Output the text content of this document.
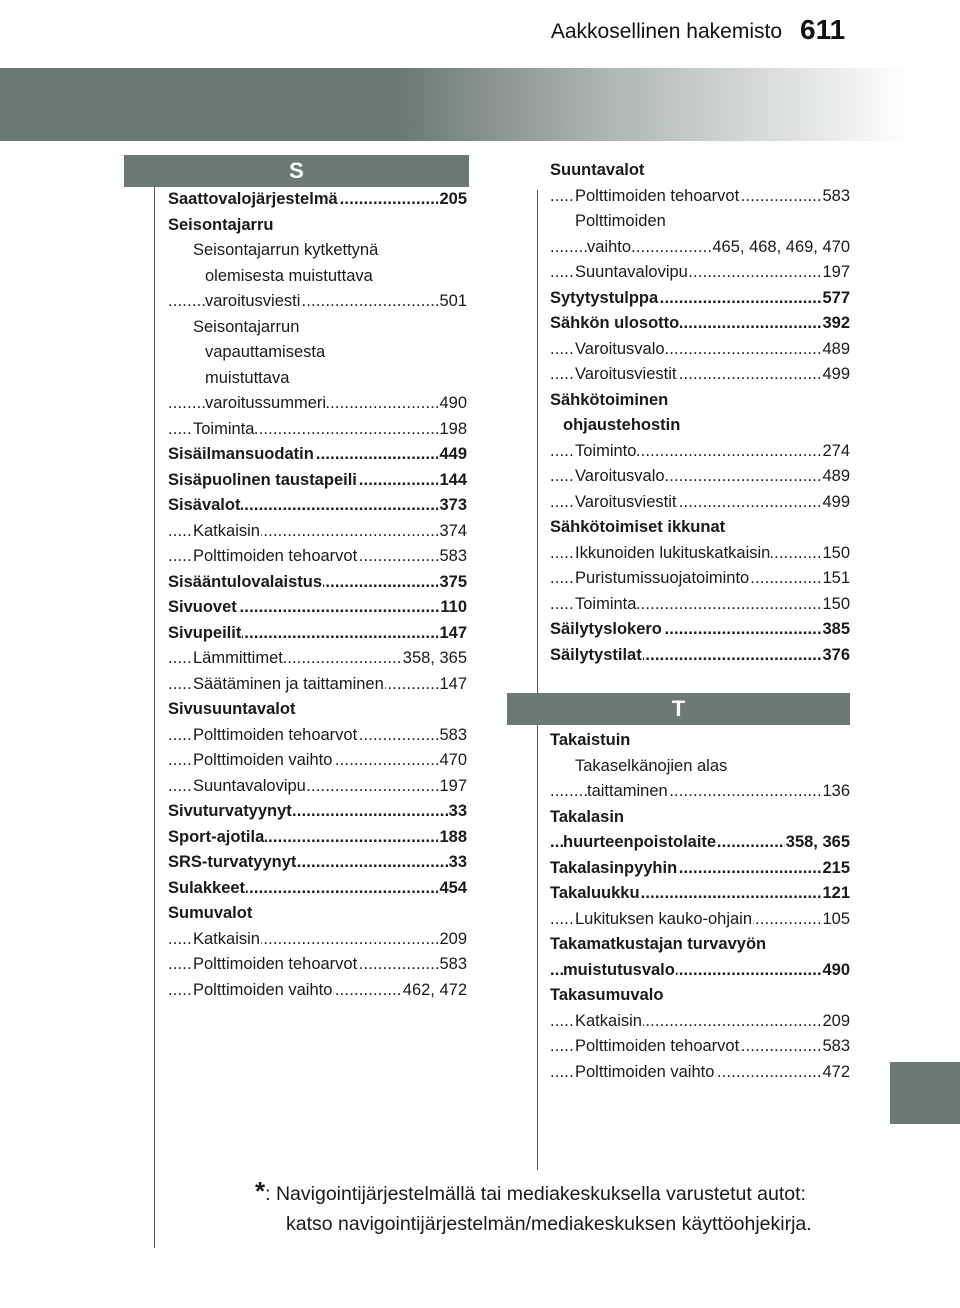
Aakkosellinen hakemisto 611
S
. . . Saattovalojärjestelmä	205
Seisontajarru
Seisontajarrun kytkettynä
olemisesta muistuttava
. . . varoitusviesti	501
Seisontajarrun
vapauttamisesta
muistuttava
. . . varoitussummeri	490
. . . Toiminta	198
. . . Sisäilmansuodatin	449
. . . Sisäpuolinen taustapeili	144
. . . Sisävalot	373
. . . Katkaisin	374
. . . Polttimoiden tehoarvot	583
. . . Sisääntulovalaistus	375
. . . Sivuovet	110
. . . Sivupeilit	147
. . . Lämmittimet	358, 365
. . . Säätäminen ja taittaminen	147
Sivusuuntavalot
. . . Polttimoiden tehoarvot	583
. . . Polttimoiden vaihto	470
. . . Suuntavalovipu	197
. . . Sivuturvatyynyt	33
. . . Sport-ajotila	188
. . . SRS-turvatyynyt	33
. . . Sulakkeet	454
Sumuvalot
. . . Katkaisin	209
. . . Polttimoiden tehoarvot	583
. . . Polttimoiden vaihto	462, 472
Suuntavalot
. . . Polttimoiden tehoarvot	583
Polttimoiden
. . . vaihto	465, 468, 469, 470
. . . Suuntavalovipu	197
. . . Sytytystulppa	577
. . . Sähkön ulosotto	392
. . . Varoitusvalo	489
. . . Varoitusviestit	499
Sähkötoiminen
ohjaustehostin
. . . Toiminto	274
. . . Varoitusvalo	489
. . . Varoitusviestit	499
Sähkötoimiset ikkunat
. . . Ikkunoiden lukituskatkaisin	150
. . . Puristumissuojatoiminto	151
. . . Toiminta	150
. . . Säilytyslokero	385
. . . Säilytystilat	376
T
Takaistuin
Takaselkänojien alas
. . . taittaminen	136
Takalasin
. . . huurteenpoistolaite	358, 365
. . . Takalasinpyyhin	215
. . . Takaluukku	121
. . . Lukituksen kauko-ohjain	105
Takamatkustajan turvavyön
. . . muistutusvalo	490
Takasumuvalo
. . . Katkaisin	209
. . . Polttimoiden tehoarvot	583
. . . Polttimoiden vaihto	472
*: Navigointijärjestelmällä tai mediakeskuksella varustetut autot:
katso navigointijärjestelmän/mediakeskuksen käyttöohjekirja.
